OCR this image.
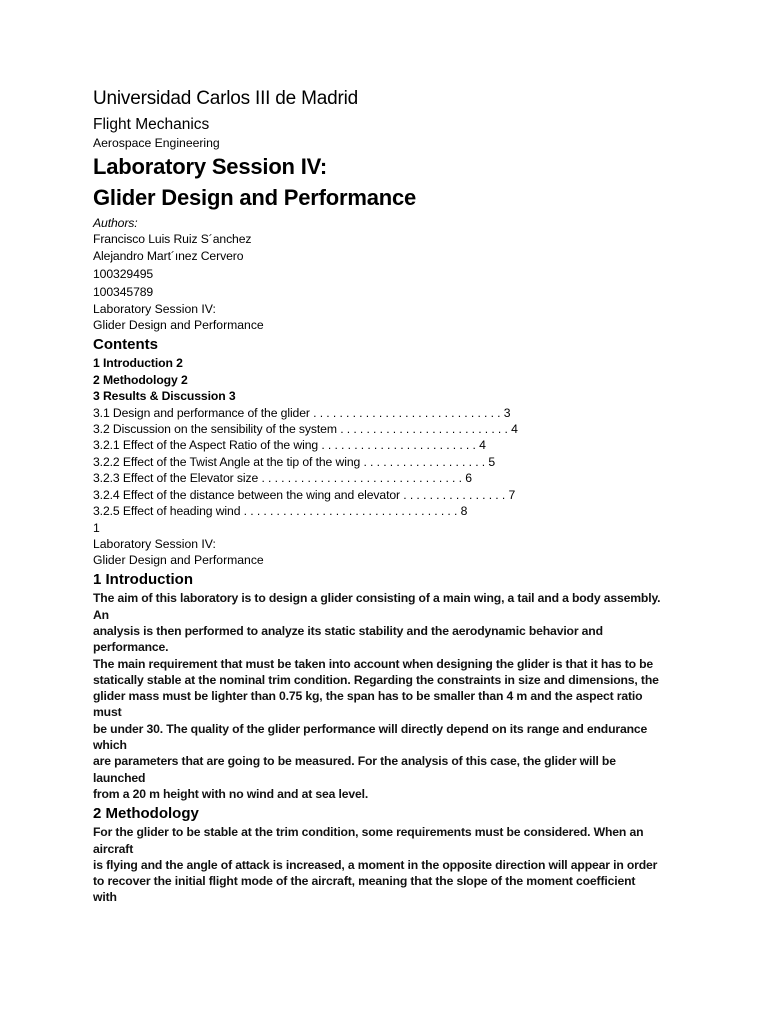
Universidad Carlos III de Madrid
Flight Mechanics
Aerospace Engineering
Laboratory Session IV:
Glider Design and Performance
Authors:
Francisco Luis Ruiz S´anchez
Alejandro Mart´ınez Cervero
100329495
100345789
Laboratory Session IV:
Glider Design and Performance
Contents
1 Introduction 2
2 Methodology 2
3 Results & Discussion 3
3.1 Design and performance of the glider . . . . . . . . . . . . . . . . . . . . . . . . . . . . . 3
3.2 Discussion on the sensibility of the system . . . . . . . . . . . . . . . . . . . . . . . . . . 4
3.2.1 Effect of the Aspect Ratio of the wing . . . . . . . . . . . . . . . . . . . . . . . . 4
3.2.2 Effect of the Twist Angle at the tip of the wing . . . . . . . . . . . . . . . . . . . 5
3.2.3 Effect of the Elevator size . . . . . . . . . . . . . . . . . . . . . . . . . . . . . . . 6
3.2.4 Effect of the distance between the wing and elevator . . . . . . . . . . . . . . . . 7
3.2.5 Effect of heading wind . . . . . . . . . . . . . . . . . . . . . . . . . . . . . . . . . 8
1
Laboratory Session IV:
Glider Design and Performance
1 Introduction
The aim of this laboratory is to design a glider consisting of a main wing, a tail and a body assembly.
An
analysis is then performed to analyze its static stability and the aerodynamic behavior and
performance.
The main requirement that must be taken into account when designing the glider is that it has to be
statically stable at the nominal trim condition. Regarding the constraints in size and dimensions, the
glider mass must be lighter than 0.75 kg, the span has to be smaller than 4 m and the aspect ratio
must
be under 30. The quality of the glider performance will directly depend on its range and endurance
which
are parameters that are going to be measured. For the analysis of this case, the glider will be
launched
from a 20 m height with no wind and at sea level.
2 Methodology
For the glider to be stable at the trim condition, some requirements must be considered. When an
aircraft
is flying and the angle of attack is increased, a moment in the opposite direction will appear in order
to recover the initial flight mode of the aircraft, meaning that the slope of the moment coefficient
with
